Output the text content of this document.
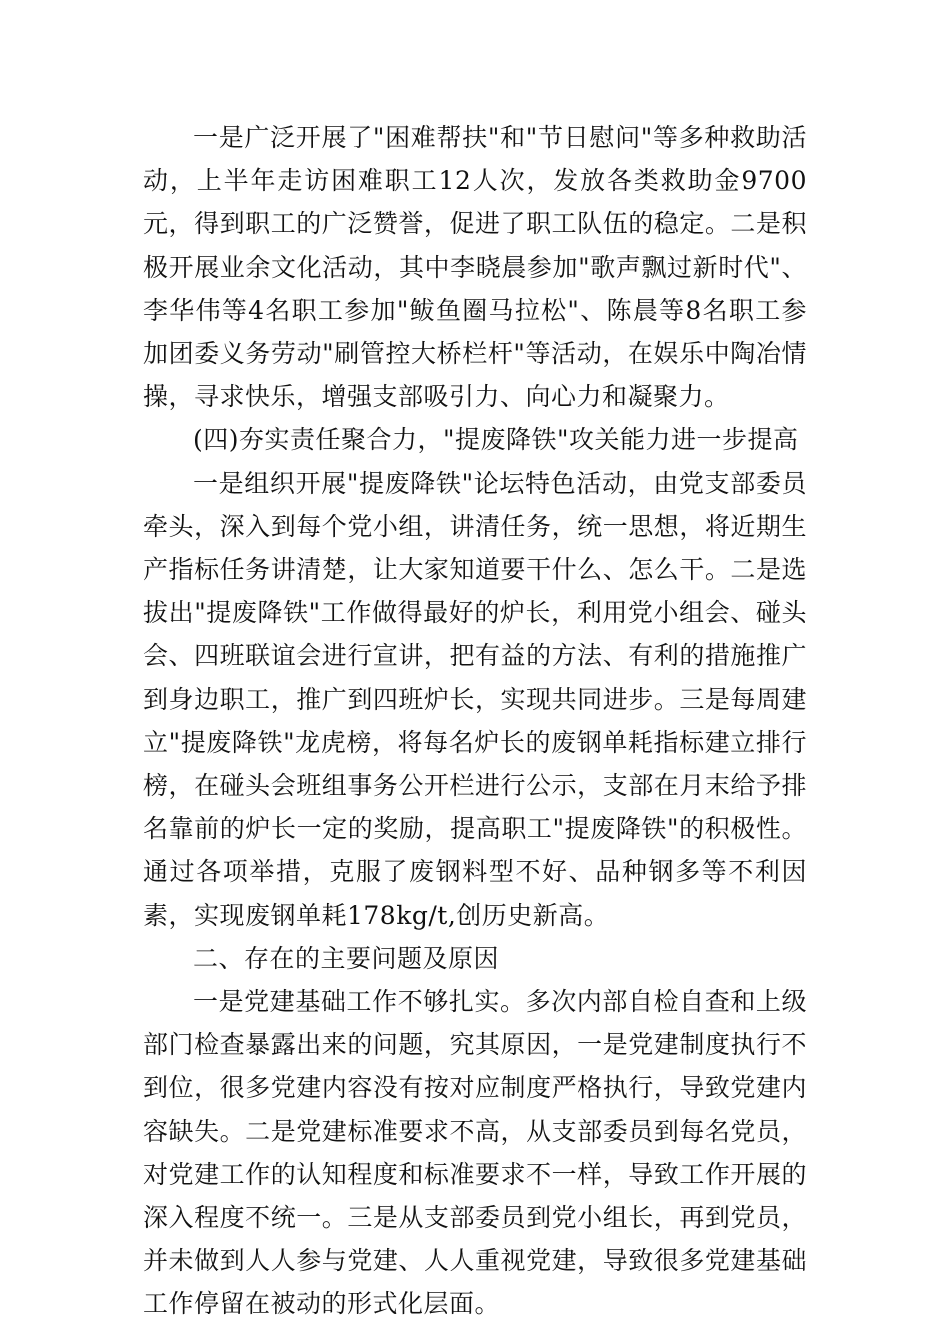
一是广泛开展了"困难帮扶"和"节日慰问"等多种救助活动，上半年走访困难职工12人次，发放各类救助金9700元，得到职工的广泛赞誉，促进了职工队伍的稳定。二是积极开展业余文化活动，其中李晓晨参加"歌声飘过新时代"、李华伟等4名职工参加"鲅鱼圈马拉松"、陈晨等8名职工参加团委义务劳动"刷管控大桥栏杆"等活动，在娱乐中陶冶情操，寻求快乐，增强支部吸引力、向心力和凝聚力。

(四)夯实责任聚合力，"提废降铁"攻关能力进一步提高

一是组织开展"提废降铁"论坛特色活动，由党支部委员牵头，深入到每个党小组，讲清任务，统一思想，将近期生产指标任务讲清楚，让大家知道要干什么、怎么干。二是选拔出"提废降铁"工作做得最好的炉长，利用党小组会、碰头会、四班联谊会进行宣讲，把有益的方法、有利的措施推广到身边职工，推广到四班炉长，实现共同进步。三是每周建立"提废降铁"龙虎榜，将每名炉长的废钢单耗指标建立排行榜，在碰头会班组事务公开栏进行公示，支部在月末给予排名靠前的炉长一定的奖励，提高职工"提废降铁"的积极性。通过各项举措，克服了废钢料型不好、品种钢多等不利因素，实现废钢单耗178kg/t,创历史新高。

二、存在的主要问题及原因

一是党建基础工作不够扎实。多次内部自检自查和上级部门检查暴露出来的问题，究其原因，一是党建制度执行不到位，很多党建内容没有按对应制度严格执行，导致党建内容缺失。二是党建标准要求不高，从支部委员到每名党员，对党建工作的认知程度和标准要求不一样，导致工作开展的深入程度不统一。三是从支部委员到党小组长，再到党员，并未做到人人参与党建、人人重视党建，导致很多党建基础工作停留在被动的形式化层面。
